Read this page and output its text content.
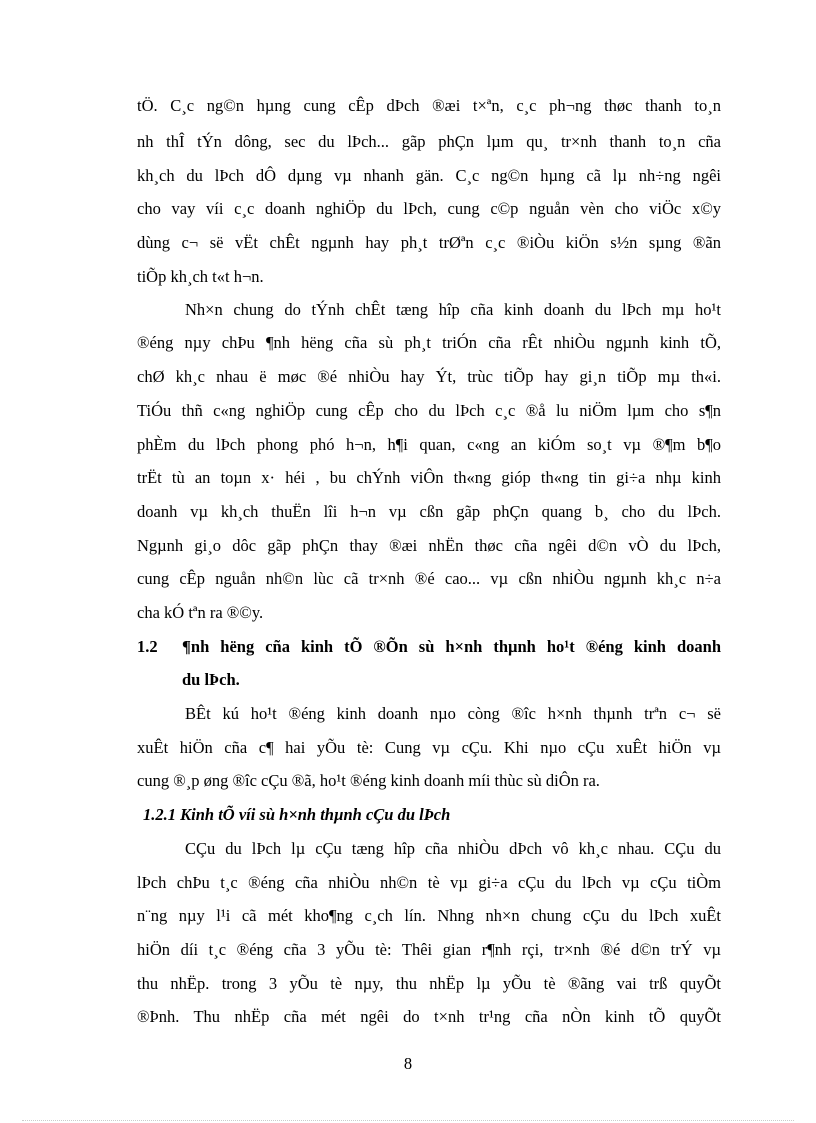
tÖ. C¸c ng©n hµng cung cÊp dÞch ®æi t×ªn, c¸c ph¬ng thøc thanh to¸n
nh thÎ tÝn dông, sec du lÞch... gãp phÇn lµm qu¸ tr×nh thanh to¸n cña
kh¸ch du lÞch dÔ dµng vµ nhanh gän. C¸c ng©n hµng cã lµ nh÷ng ngêi
cho vay víi c¸c doanh nghiÖp du lÞch, cung c©p nguån vèn cho viÖc x©y
dùng c¬ së vËt chÊt ngµnh hay ph¸t trØªn c¸c ®iÒu kiÖn s½n sµng ®ãn
tiÕp kh¸ch t«t h¬n.
Nh×n chung do tÝnh chÊt tæng hîp cña kinh doanh du lÞch mµ ho¹t
®éng nµy chÞu ¶nh hëng cña sù ph¸t triÓn cña rÊt nhiÒu ngµnh kinh tÕ,
chØ kh¸c nhau ë møc ®é nhiÒu hay Ýt, trùc tiÕp hay gi¸n tiÕp mµ th«i.
TiÓu thñ c«ng nghiÖp cung cÊp cho du lÞch c¸c ®å lu niÖm lµm cho s¶n
phÈm du lÞch phong phó h¬n, h¶i quan, c«ng an kiÓm so¸t vµ ®¶m b¶o
trËt tù an toµn x· héi , bu chÝnh viÔn th«ng gióp th«ng tin gi÷a nhµ kinh
doanh vµ kh¸ch thuËn lîi h¬n vµ cßn gãp phÇn quang b¸ cho du lÞch.
Ngµnh gi¸o dôc gãp phÇn thay ®æi nhËn thøc cña ngêi d©n vÒ du lÞch,
cung cÊp nguån nh©n lùc cã tr×nh ®é cao... vµ cßn nhiÒu ngµnh kh¸c n÷a
cha kÓ tªn ra ®©y.
1.2 ¶nh hëng cña kinh tÕ ®Õn sù h×nh thµnh ho¹t ®éng kinh doanh
du lÞch.
BÊt kú ho¹t ®éng kinh doanh nµo còng ®îc h×nh thµnh trªn c¬ së
xuÊt hiÖn cña c¶ hai yÕu tè: Cung vµ cÇu. Khi nµo cÇu xuÊt hiÖn vµ
cung ®¸p øng ®îc cÇu ®ã, ho¹t ®éng kinh doanh míi thùc sù diÔn ra.
1.2.1 Kinh tÕ víi sù h×nh thµnh cÇu du lÞch
CÇu du lÞch lµ cÇu tæng hîp cña nhiÒu dÞch vô kh¸c nhau. CÇu du
lÞch chÞu t¸c ®éng cña nhiÒu nh©n tè vµ gi÷a cÇu du lÞch vµ cÇu tiÒm
n¨ng nµy l¹i cã mét kho¶ng c¸ch lín. Nhng nh×n chung cÇu du lÞch xuÊt
hiÖn díi t¸c ®éng cña 3 yÕu tè: Thêi gian r¶nh rçi, tr×nh ®é d©n trÝ vµ
thu nhËp. trong 3 yÕu tè nµy, thu nhËp lµ yÕu tè ®ãng vai trß quyÕt
®Þnh. Thu nhËp cña mét ngêi do t×nh tr¹ng cña nÒn kinh tÕ quyÕt
8
